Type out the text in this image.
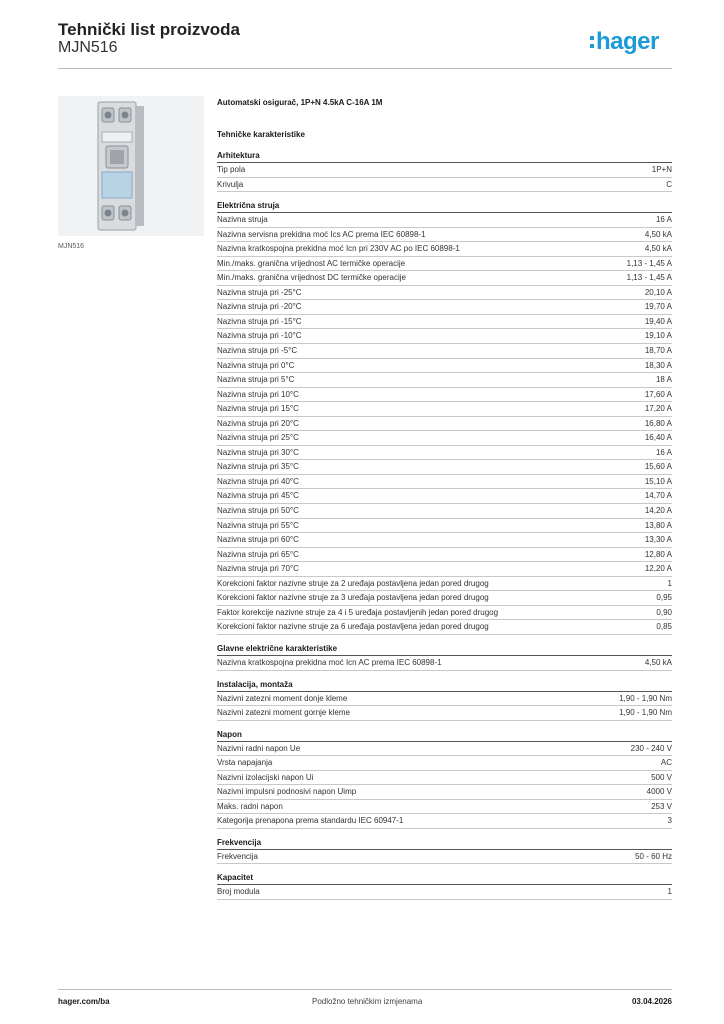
Tehnički list proizvoda
MJN516	hager
MJN516
Automatski osigurač, 1P+N 4.5kA C-16A 1M
Tehničke karakteristike
Arhitektura
Tip pola	1P+N
Krivulja	C
Električna struja
Nazivna struja	16 A
Nazivna servisna prekidna moć Ics AC prema IEC 60898-1	4,50 kA
Nazivna kratkospojna prekidna moć Icn pri 230V AC po IEC 60898-1	4,50 kA
Min./maks. granična vrijednost AC termičke operacije	1,13 - 1,45 A
Min./maks. granična vrijednost DC termičke operacije	1,13 - 1,45 A
Nazivna struja pri -25°C	20,10 A
Nazivna struja pri -20°C	19,70 A
Nazivna struja pri -15°C	19,40 A
Nazivna struja pri -10°C	19,10 A
Nazivna struja pri -5°C	18,70 A
Nazivna struja pri 0°C	18,30 A
Nazivna struja pri 5°C	18 A
Nazivna struja pri 10°C	17,60 A
Nazivna struja pri 15°C	17,20 A
Nazivna struja pri 20°C	16,80 A
Nazivna struja pri 25°C	16,40 A
Nazivna struja pri 30°C	16 A
Nazivna struja pri 35°C	15,60 A
Nazivna struja pri 40°C	15,10 A
Nazivna struja pri 45°C	14,70 A
Nazivna struja pri 50°C	14,20 A
Nazivna struja pri 55°C	13,80 A
Nazivna struja pri 60°C	13,30 A
Nazivna struja pri 65°C	12,80 A
Nazivna struja pri 70°C	12,20 A
Korekcioni faktor nazivne struje za 2 uređaja postavljena jedan pored drugog	1
Korekcioni faktor nazivne struje za 3 uređaja postavljena jedan pored drugog	0,95
Faktor korekcije nazivne struje za 4 i 5 uređaja postavljenih jedan pored drugog	0,90
Korekcioni faktor nazivne struje za 6 uređaja postavljena jedan pored drugog	0,85
Glavne električne karakteristike
Nazivna kratkospojna prekidna moć Icn AC prema IEC 60898-1	4,50 kA
Instalacija, montaža
Nazivni zatezni moment donje kleme	1,90 - 1,90 Nm
Nazivni zatezni moment gornje kleme	1,90 - 1,90 Nm
Napon
Nazivni radni napon Ue	230 - 240 V
Vrsta napajanja	AC
Nazivni izolacijski napon Ui	500 V
Nazivni impulsni podnosivi napon Uimp	4000 V
Maks. radni napon	253 V
Kategorija prenapona prema standardu IEC 60947-1	3
Frekvencija
Frekvencija	50 - 60 Hz
Kapacitet
Broj modula	1
hager.com/ba	Podložno tehničkim izmjenama	03.04.2026
